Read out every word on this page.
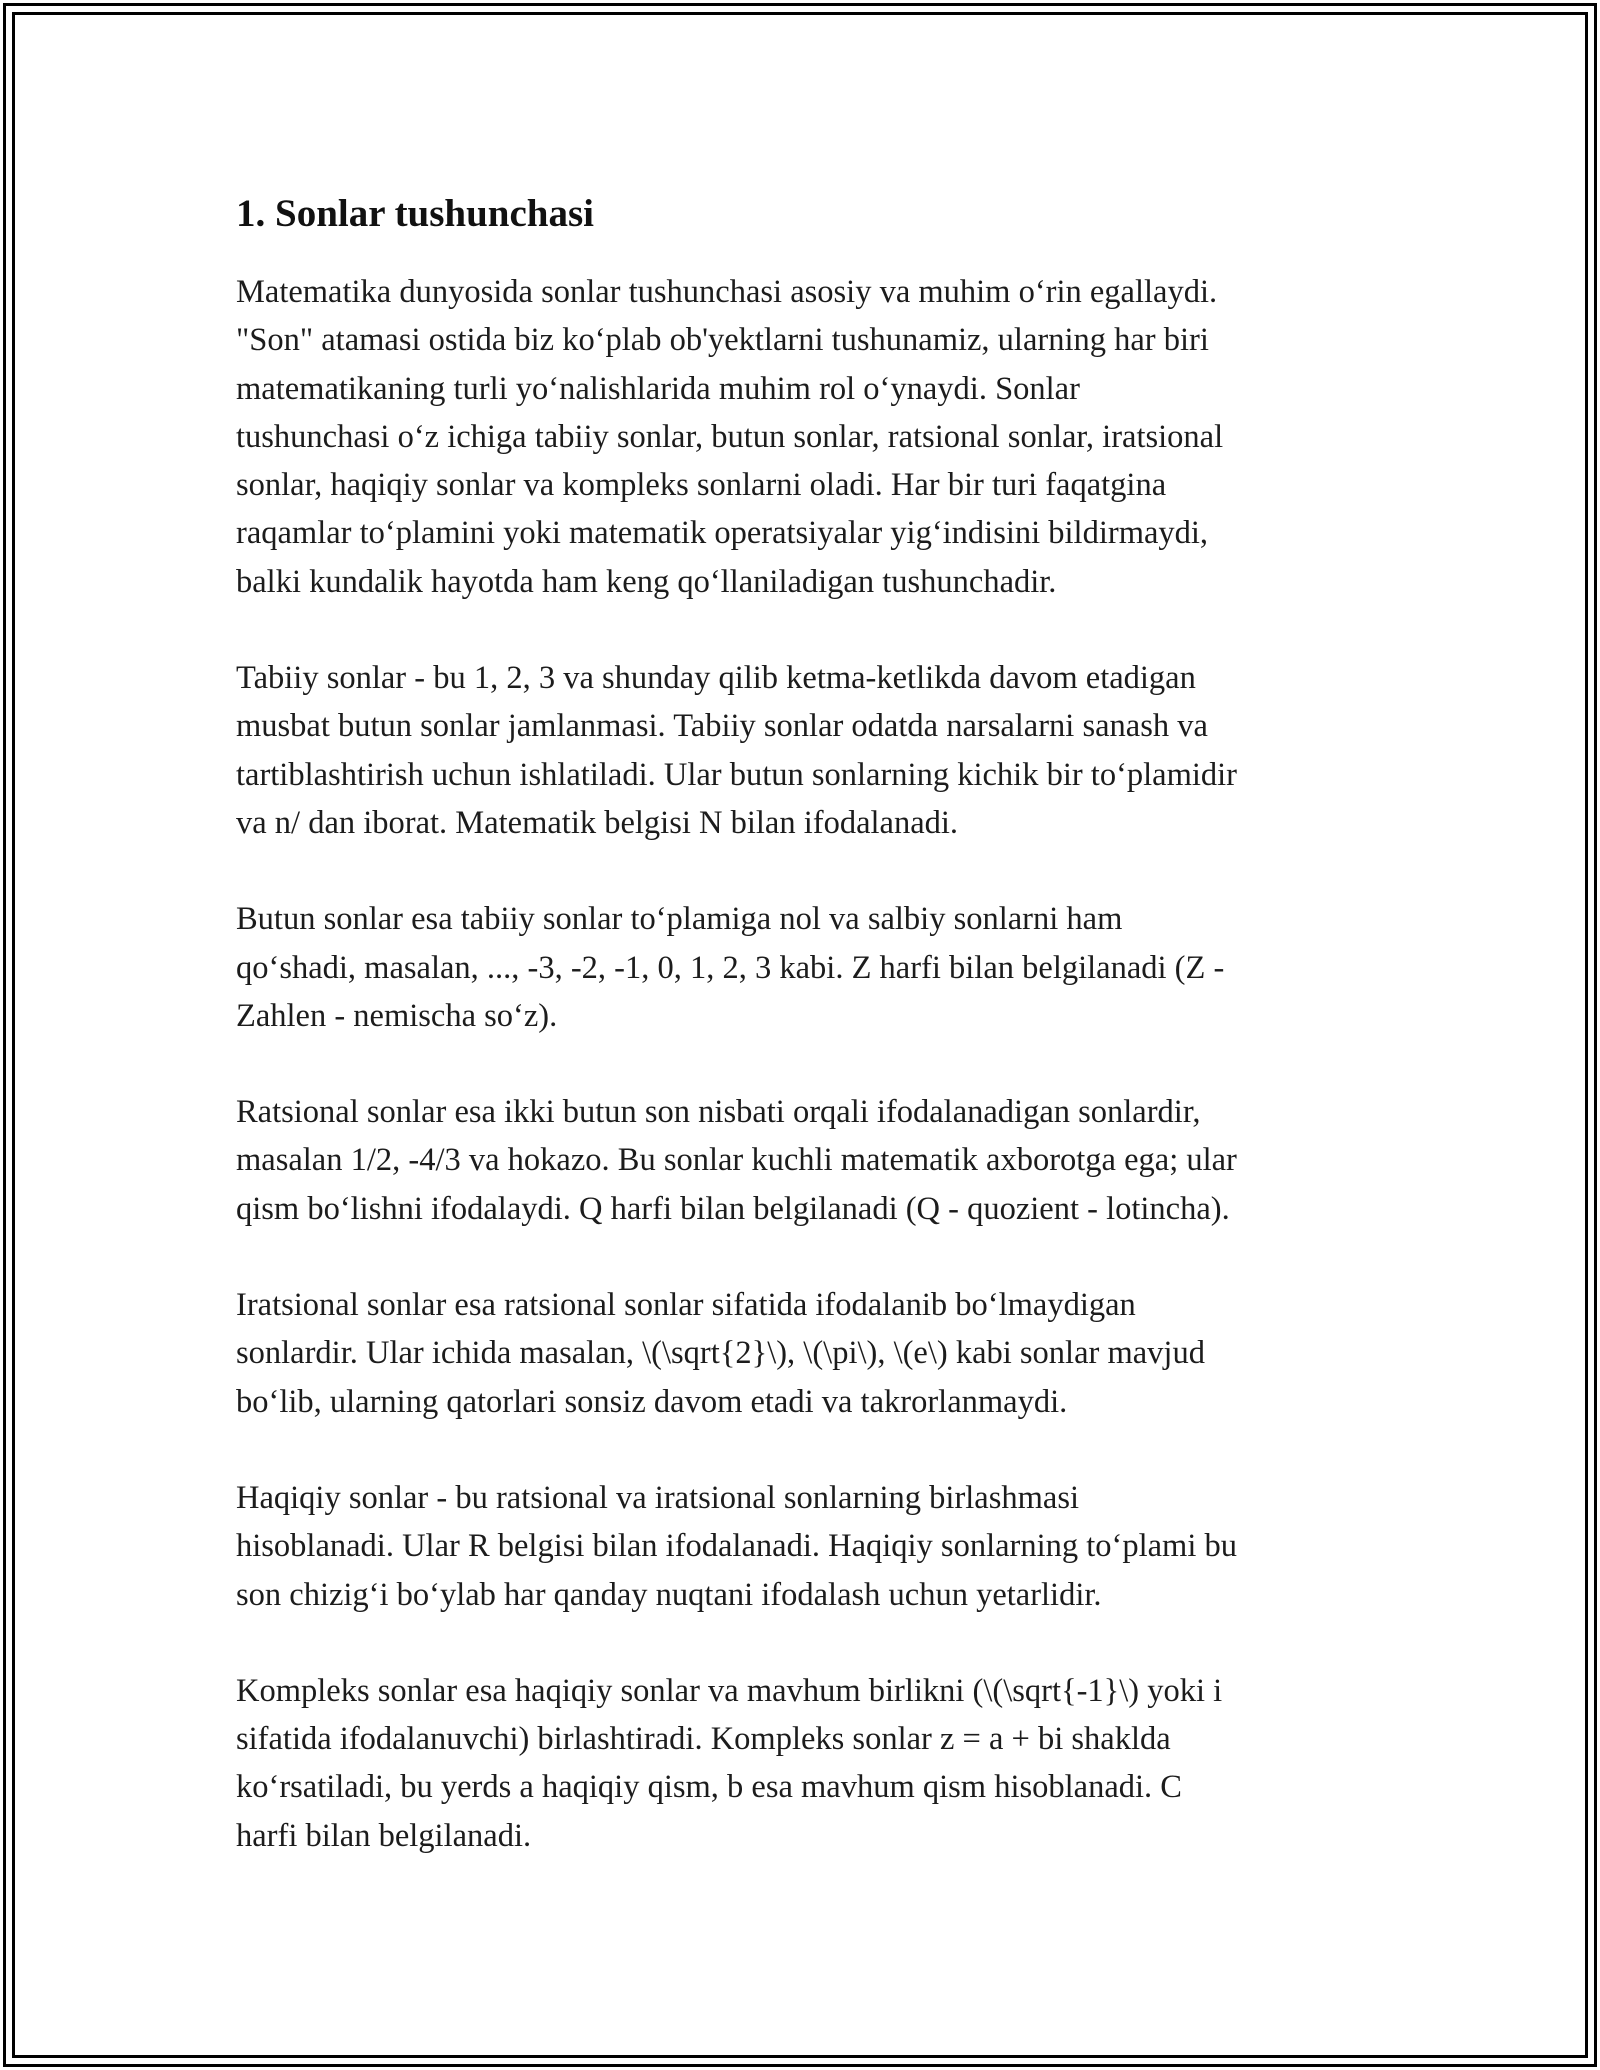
1. Sonlar tushunchasi

Matematika dunyosida sonlar tushunchasi asosiy va muhim o‘rin egallaydi.
"Son" atamasi ostida biz ko‘plab ob'yektlarni tushunamiz, ularning har biri
matematikaning turli yo‘nalishlarida muhim rol o‘ynaydi. Sonlar
tushunchasi o‘z ichiga tabiiy sonlar, butun sonlar, ratsional sonlar, iratsional
sonlar, haqiqiy sonlar va kompleks sonlarni oladi. Har bir turi faqatgina
raqamlar to‘plamini yoki matematik operatsiyalar yig‘indisini bildirmaydi,
balki kundalik hayotda ham keng qo‘llaniladigan tushunchadir.

Tabiiy sonlar - bu 1, 2, 3 va shunday qilib ketma-ketlikda davom etadigan
musbat butun sonlar jamlanmasi. Tabiiy sonlar odatda narsalarni sanash va
tartiblashtirish uchun ishlatiladi. Ular butun sonlarning kichik bir to‘plamidir
va n/ dan iborat. Matematik belgisi N bilan ifodalanadi.

Butun sonlar esa tabiiy sonlar to‘plamiga nol va salbiy sonlarni ham
qo‘shadi, masalan, ..., -3, -2, -1, 0, 1, 2, 3 kabi. Z harfi bilan belgilanadi (Z -
Zahlen - nemischa so‘z).

Ratsional sonlar esa ikki butun son nisbati orqali ifodalanadigan sonlardir,
masalan 1/2, -4/3 va hokazo. Bu sonlar kuchli matematik axborotga ega; ular
qism bo‘lishni ifodalaydi. Q harfi bilan belgilanadi (Q - quozient - lotincha).

Iratsional sonlar esa ratsional sonlar sifatida ifodalanib bo‘lmaydigan
sonlardir. Ular ichida masalan, \(\sqrt{2}\), \(\pi\), \(e\) kabi sonlar mavjud
bo‘lib, ularning qatorlari sonsiz davom etadi va takrorlanmaydi.

Haqiqiy sonlar - bu ratsional va iratsional sonlarning birlashmasi
hisoblanadi. Ular R belgisi bilan ifodalanadi. Haqiqiy sonlarning to‘plami bu
son chizig‘i bo‘ylab har qanday nuqtani ifodalash uchun yetarlidir.

Kompleks sonlar esa haqiqiy sonlar va mavhum birlikni (\(\sqrt{-1}\) yoki i
sifatida ifodalanuvchi) birlashtiradi. Kompleks sonlar z = a + bi shaklda
ko‘rsatiladi, bu yerds a haqiqiy qism, b esa mavhum qism hisoblanadi. C
harfi bilan belgilanadi.
